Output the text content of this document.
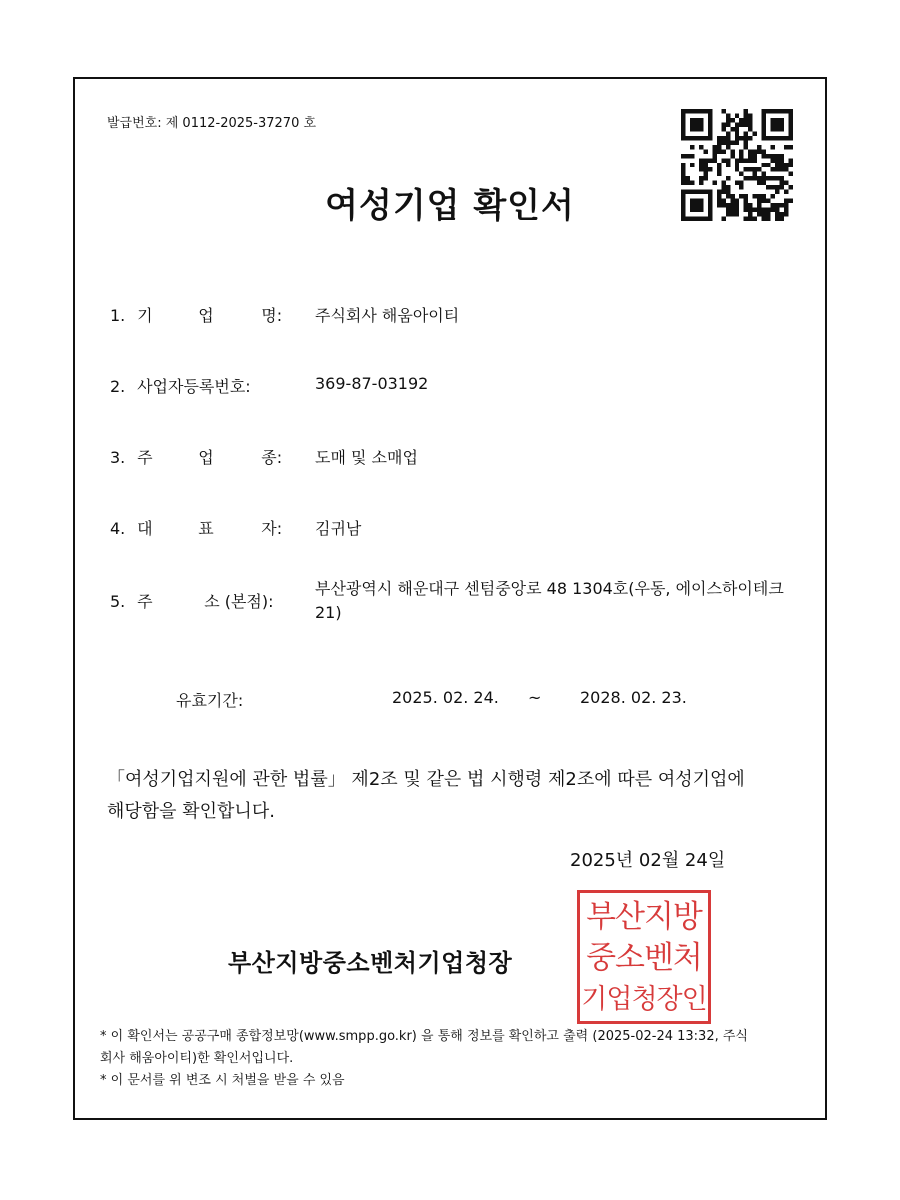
발급번호: 제 0112-2025-37270 호
여성기업 확인서
1. 기	업	명: 주식회사 해움아이티
2. 사업자등록번호:	369-87-03192
3. 주	업	종: 도매 및 소매업
4. 대	표	자: 김귀남
5. 주	소 (본점):
부산광역시 해운대구 센텀중앙로 48 1304호(우동, 에이스하이테크21)
유효기간:	2025. 02. 24. ~ 2028. 02. 23.
「여성기업지원에 관한 법률」 제2조 및 같은 법 시행령 제2조에 따른 여성기업에 해당함을 확인합니다.
2025년 02월 24일
부산지방중소벤처기업청장
부산지방
중소벤처
기업청장인
* 이 확인서는 공공구매 종합정보망(www.smpp.go.kr) 을 통해 정보를 확인하고 출력 (2025-02-24 13:32, 주식회사 해움아이티)한 확인서입니다.
* 이 문서를 위 변조 시 처벌을 받을 수 있음
